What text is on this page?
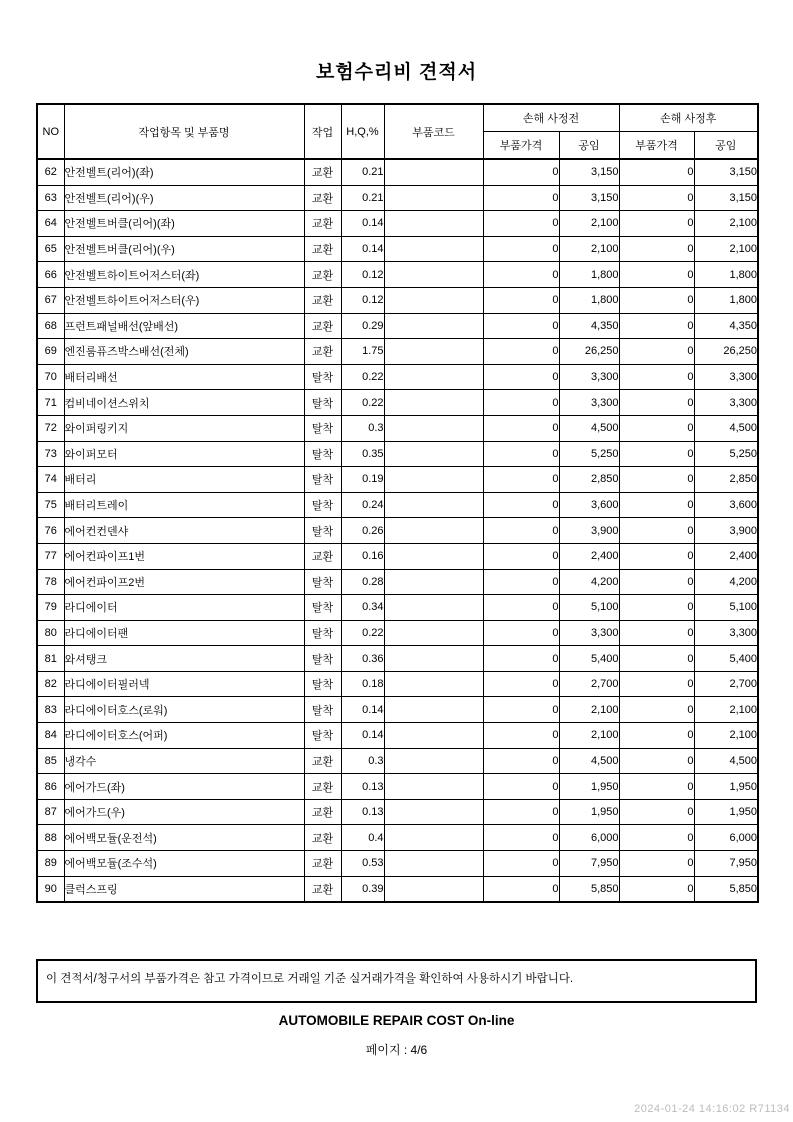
보험수리비 견적서
NO	작업항목 및 부품명	작업	H,Q,%	부품코드	손해 사정전		손해 사정후	
					부품가격	공임	부품가격	공임
62	안전벨트(리어)(좌)	교환	0.21		0	3,150	0	3,150
63	안전벨트(리어)(우)	교환	0.21		0	3,150	0	3,150
64	안전벨트버클(리어)(좌)	교환	0.14		0	2,100	0	2,100
65	안전벨트버클(리어)(우)	교환	0.14		0	2,100	0	2,100
66	안전벨트하이트어저스터(좌)	교환	0.12		0	1,800	0	1,800
67	안전벨트하이트어저스터(우)	교환	0.12		0	1,800	0	1,800
68	프런트패널배선(앞배선)	교환	0.29		0	4,350	0	4,350
69	엔진룸퓨즈박스배선(전체)	교환	1.75		0	26,250	0	26,250
70	배터리배선	탈착	0.22		0	3,300	0	3,300
71	컴비네이션스위치	탈착	0.22		0	3,300	0	3,300
72	와이퍼링키지	탈착	0.3		0	4,500	0	4,500
73	와이퍼모터	탈착	0.35		0	5,250	0	5,250
74	배터리	탈착	0.19		0	2,850	0	2,850
75	배터리트레이	탈착	0.24		0	3,600	0	3,600
76	에어컨컨덴샤	탈착	0.26		0	3,900	0	3,900
77	에어컨파이프1번	교환	0.16		0	2,400	0	2,400
78	에어컨파이프2번	탈착	0.28		0	4,200	0	4,200
79	라디에이터	탈착	0.34		0	5,100	0	5,100
80	라디에이터팬	탈착	0.22		0	3,300	0	3,300
81	와셔탱크	탈착	0.36		0	5,400	0	5,400
82	라디에이터필러넥	탈착	0.18		0	2,700	0	2,700
83	라디에이터호스(로워)	탈착	0.14		0	2,100	0	2,100
84	라디에이터호스(어퍼)	탈착	0.14		0	2,100	0	2,100
85	냉각수	교환	0.3		0	4,500	0	4,500
86	에어가드(좌)	교환	0.13		0	1,950	0	1,950
87	에어가드(우)	교환	0.13		0	1,950	0	1,950
88	에어백모듈(운전석)	교환	0.4		0	6,000	0	6,000
89	에어백모듈(조수석)	교환	0.53		0	7,950	0	7,950
90	클럭스프링	교환	0.39		0	5,850	0	5,850
이 견적서/청구서의 부품가격은 참고 가격이므로 거래일 기준 실거래가격을 확인하여 사용하시기 바랍니다.
AUTOMOBILE REPAIR COST On-line
페이지 : 4/6
2024-01-24 14:16:02 R71134
